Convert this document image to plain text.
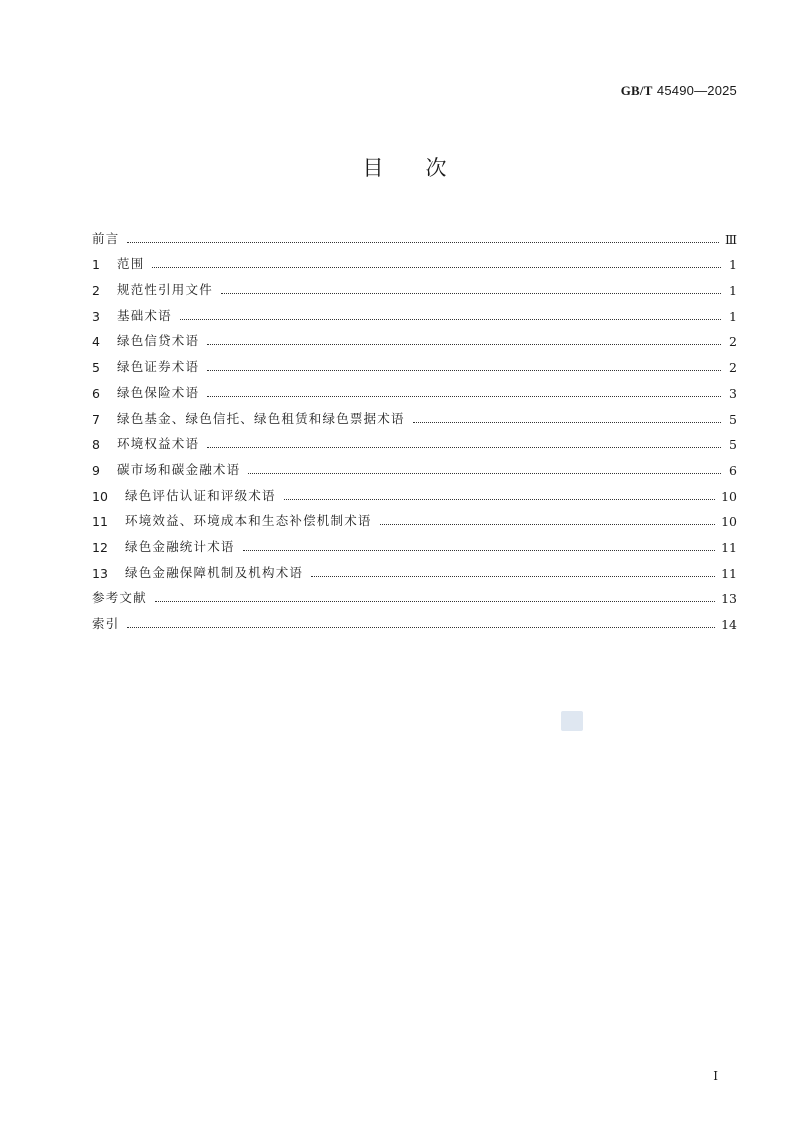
GB/T 45490—2025
目次
前言	Ⅲ
1	范围	1
2	规范性引用文件	1
3	基础术语	1
4	绿色信贷术语	2
5	绿色证券术语	2
6	绿色保险术语	3
7	绿色基金、绿色信托、绿色租赁和绿色票据术语	5
8	环境权益术语	5
9	碳市场和碳金融术语	6
10	绿色评估认证和评级术语	10
11	环境效益、环境成本和生态补偿机制术语	10
12	绿色金融统计术语	11
13	绿色金融保障机制及机构术语	11
参考文献	13
索引	14
I
